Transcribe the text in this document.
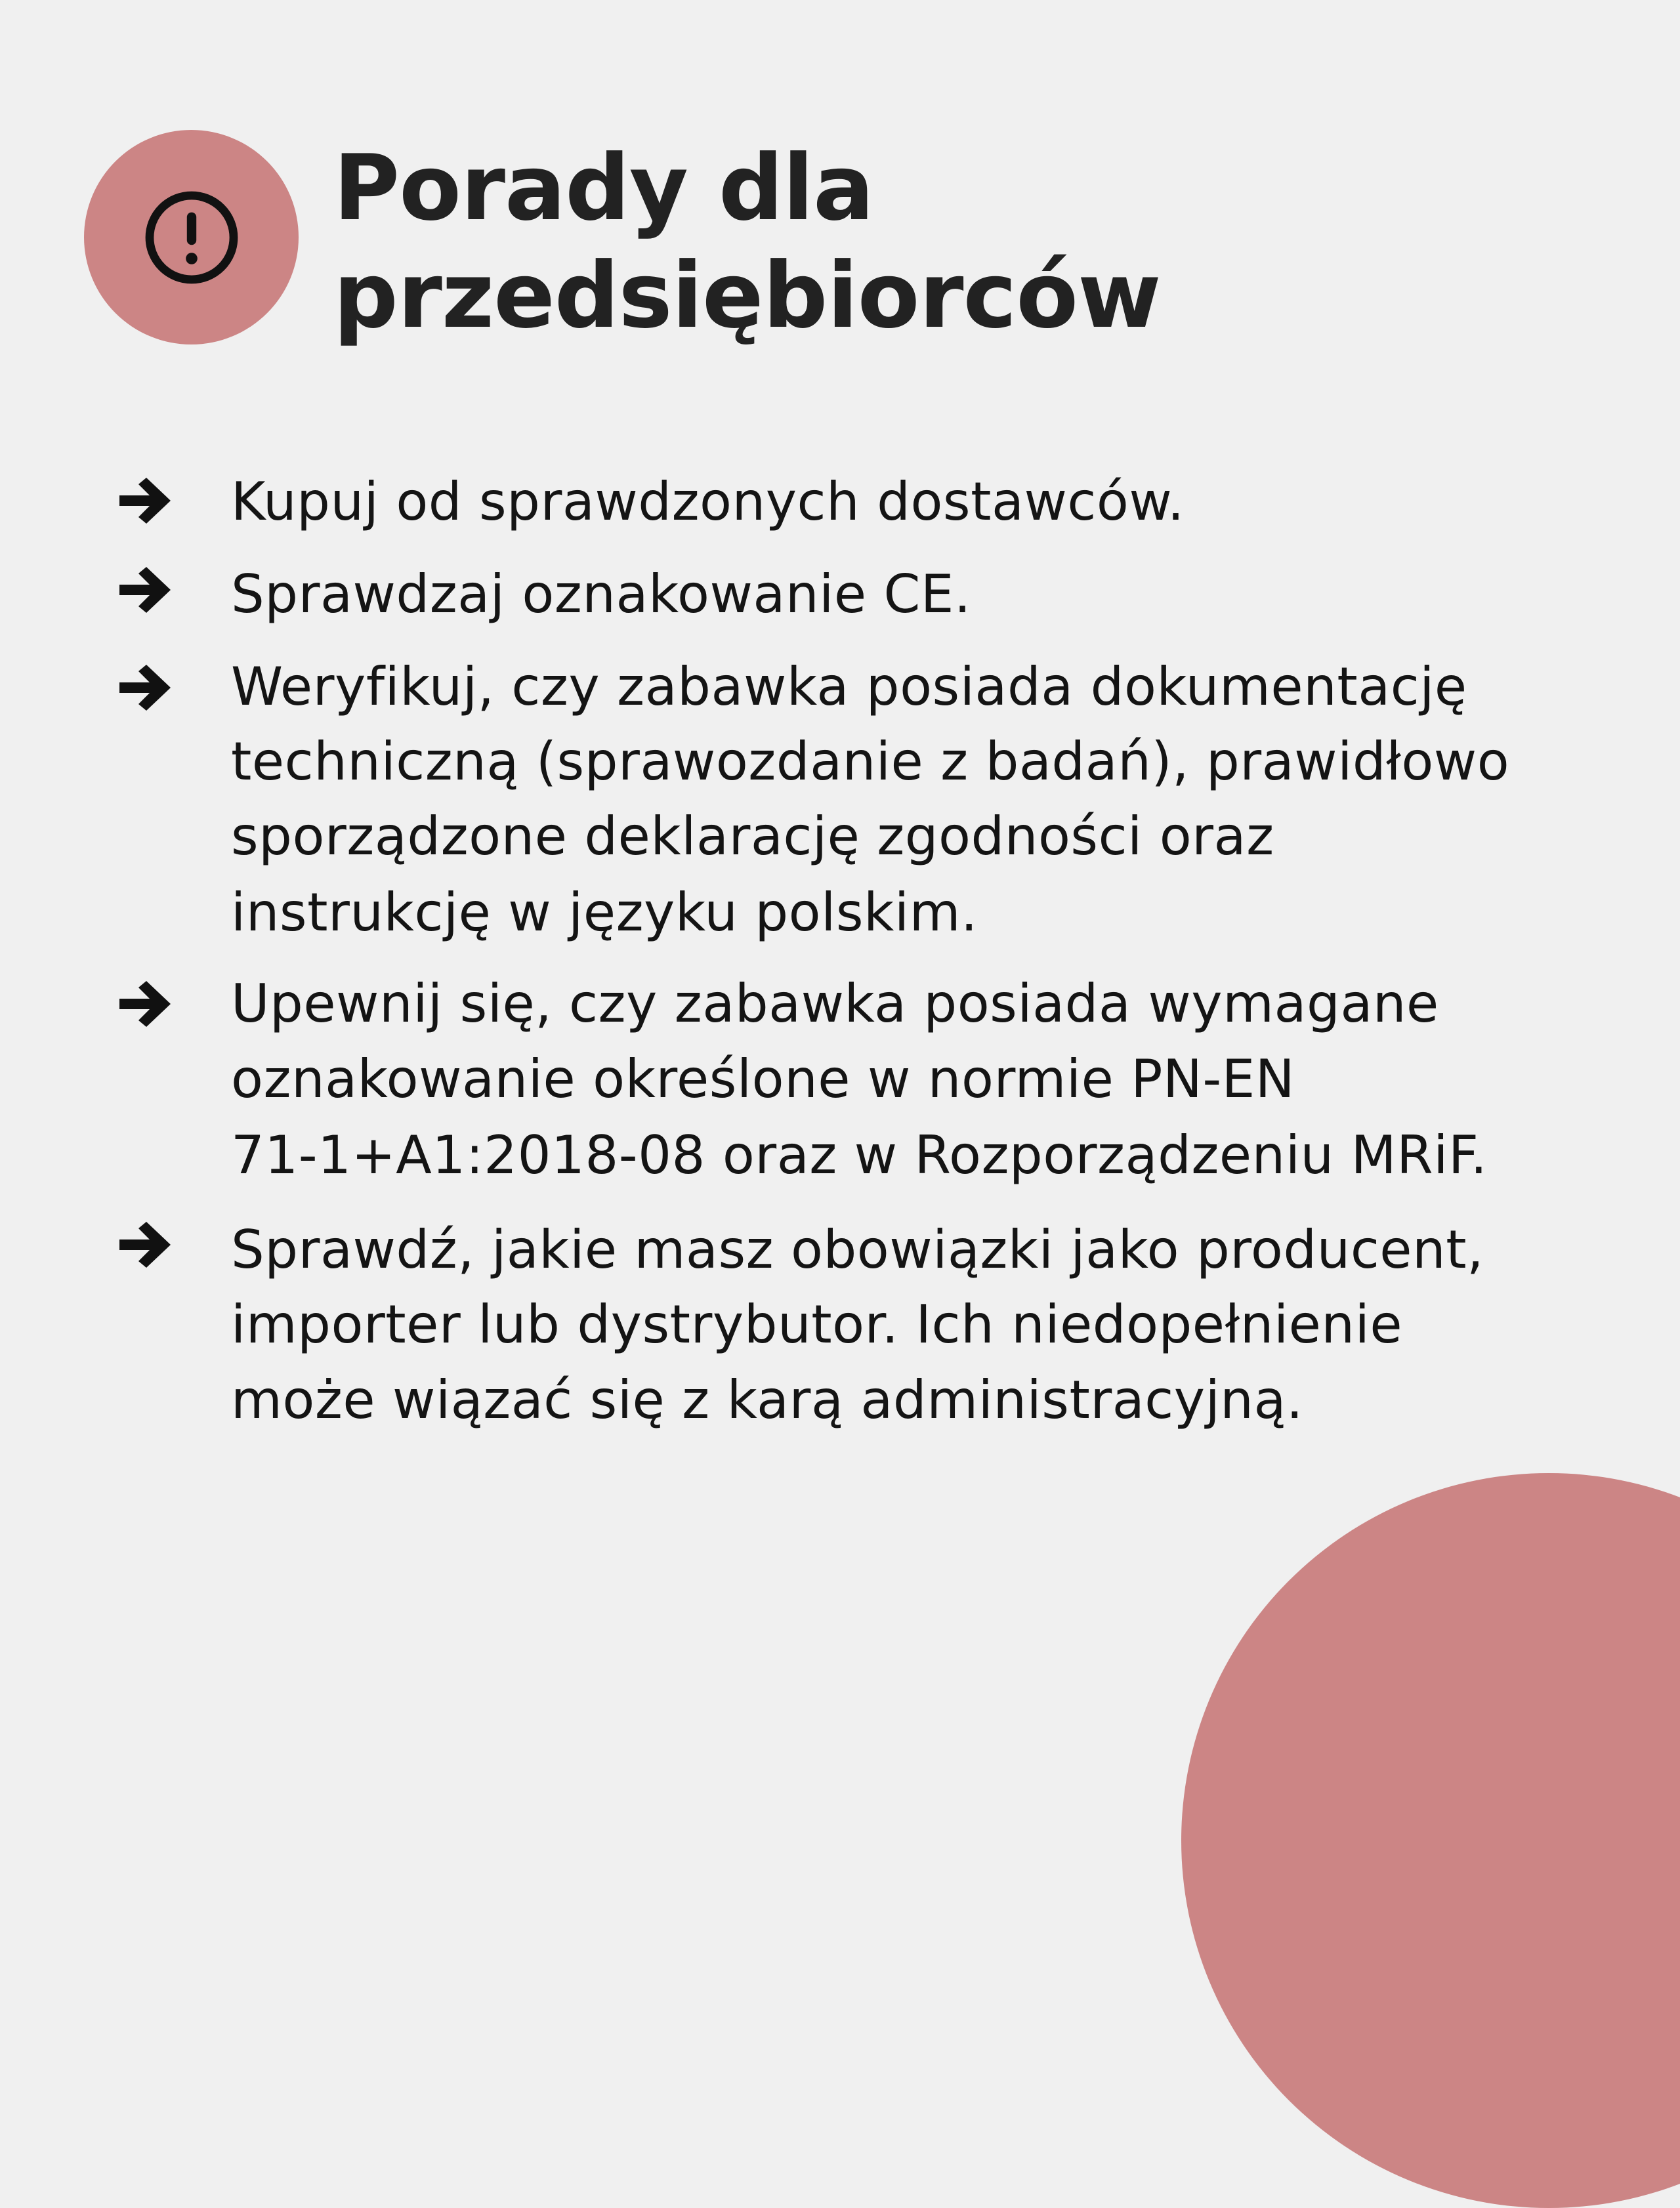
Porady dla
przedsiębiorców
Kupuj od sprawdzonych dostawców.
Sprawdzaj oznakowanie CE.
Weryfikuj, czy zabawka posiada dokumentację
techniczną (sprawozdanie z badań), prawidłowo
sporządzone deklarację zgodności oraz
instrukcję w języku polskim.
Upewnij się, czy zabawka posiada wymagane
oznakowanie określone w normie PN-EN
71-1+A1:2018-08 oraz w Rozporządzeniu MRiF.
Sprawdź, jakie masz obowiązki jako producent,
importer lub dystrybutor. Ich niedopełnienie
może wiązać się z karą administracyjną.
